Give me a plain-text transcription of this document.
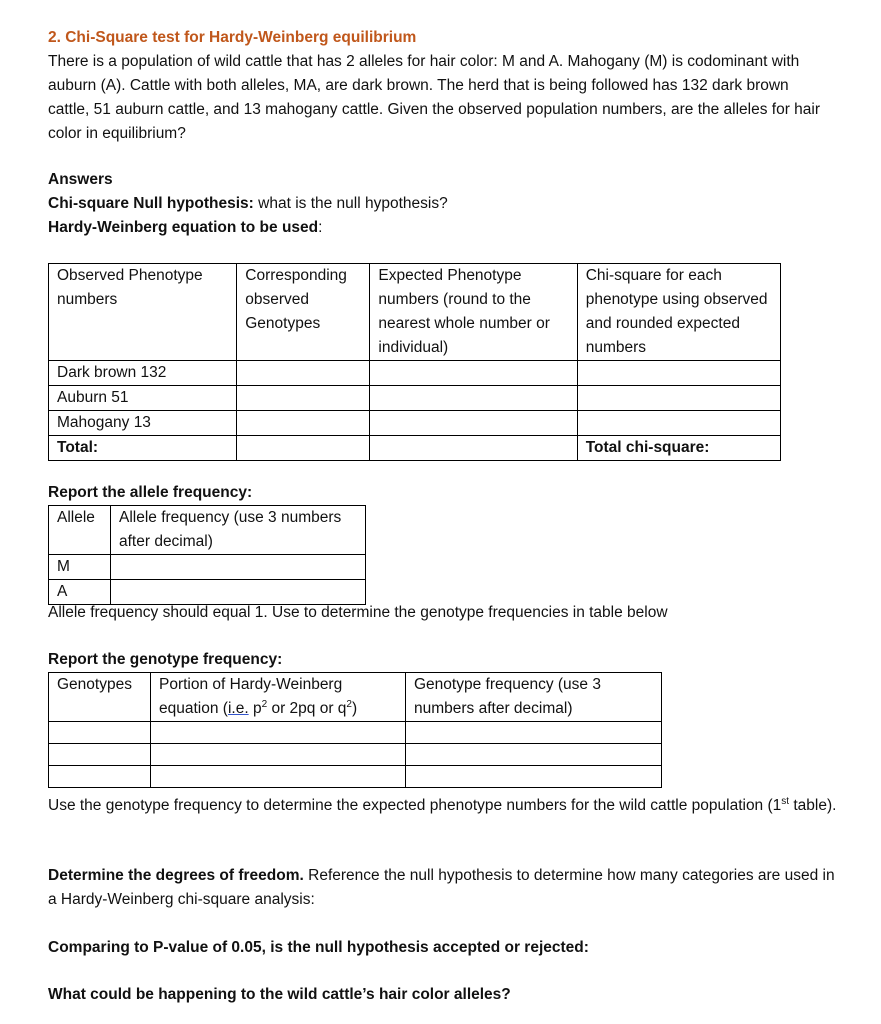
2. Chi-Square test for Hardy-Weinberg equilibrium

There is a population of wild cattle that has 2 alleles for hair color: M and A. Mahogany (M) is codominant with auburn (A). Cattle with both alleles, MA, are dark brown. The herd that is being followed has 132 dark brown cattle, 51 auburn cattle, and 13 mahogany cattle. Given the observed population numbers, are the alleles for hair color in equilibrium?

Answers

Chi-square Null hypothesis: what is the null hypothesis?

Hardy-Weinberg equation to be used:

Observed Phenotype numbers	Corresponding observed Genotypes	Expected Phenotype numbers (round to the nearest whole number or individual)	Chi-square for each phenotype using observed and rounded expected numbers
Dark brown 132			
Auburn 51			
Mahogany 13			
Total:			Total chi-square:

Report the allele frequency:

Allele	Allele frequency (use 3 numbers after decimal)
M	
A	

Allele frequency should equal 1. Use to determine the genotype frequencies in table below

Report the genotype frequency:

Genotypes	Portion of Hardy-Weinberg equation (i.e. $p^2$ or 2pq or $q^2$)	Genotype frequency (use 3 numbers after decimal)

Use the genotype frequency to determine the expected phenotype numbers for the wild cattle population (1st table).

Determine the degrees of freedom. Reference the null hypothesis to determine how many categories are used in a Hardy-Weinberg chi-square analysis:

Comparing to P-value of 0.05, is the null hypothesis accepted or rejected:

What could be happening to the wild cattle’s hair color alleles?
